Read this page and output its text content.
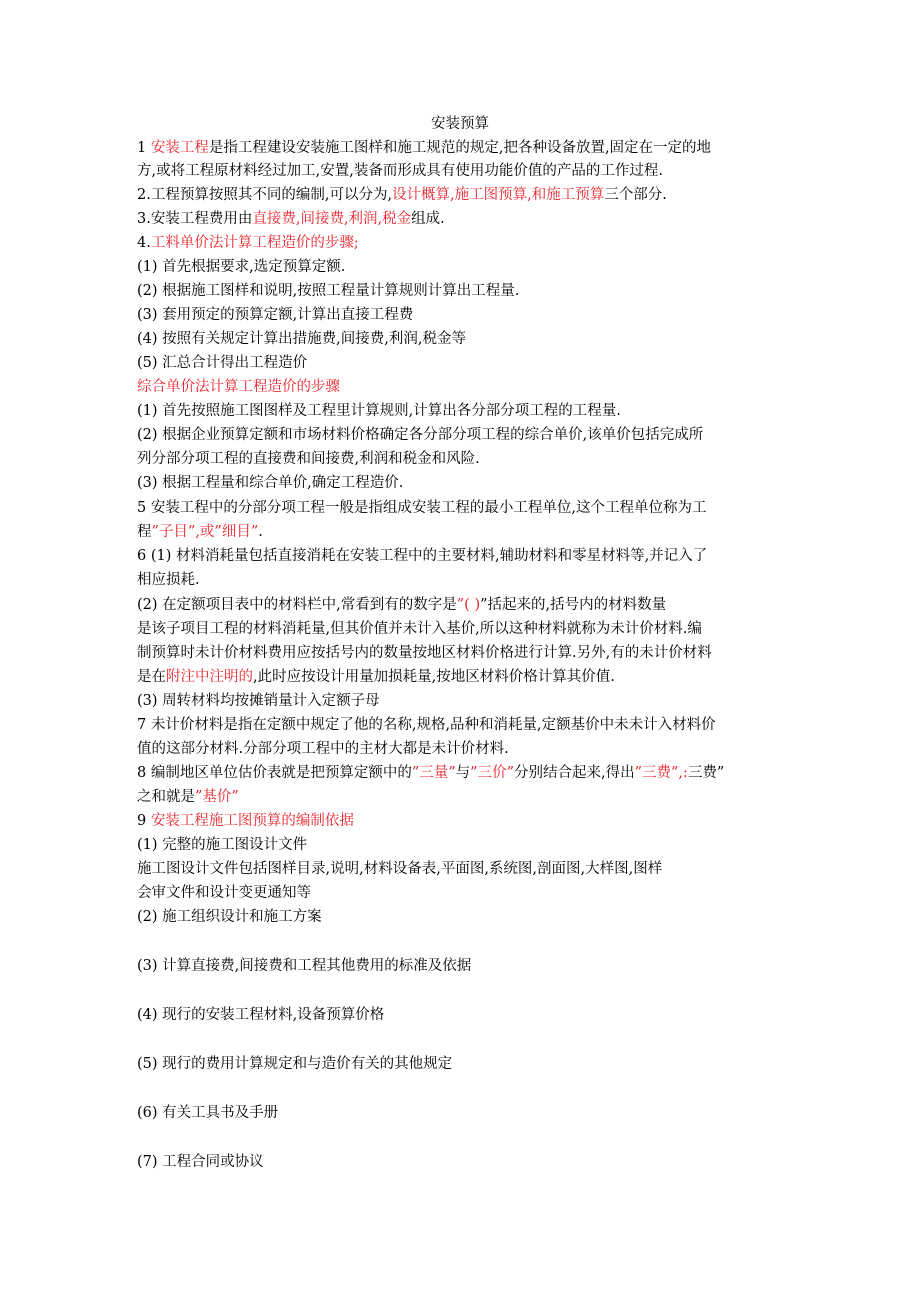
安装预算
1 安装工程是指工程建设安装施工图样和施工规范的规定,把各种设备放置,固定在一定的地
方,或将工程原材料经过加工,安置,装备而形成具有使用功能价值的产品的工作过程.
2.工程预算按照其不同的编制,可以分为,设计概算,施工图预算,和施工预算三个部分.
3.安装工程费用由直接费,间接费,利润,税金组成.
4.工料单价法计算工程造价的步骤;
(1) 首先根据要求,选定预算定额.
(2) 根据施工图样和说明,按照工程量计算规则计算出工程量.
(3) 套用预定的预算定额,计算出直接工程费
(4) 按照有关规定计算出措施费,间接费,利润,税金等
(5) 汇总合计得出工程造价
综合单价法计算工程造价的步骤
(1) 首先按照施工图图样及工程里计算规则,计算出各分部分项工程的工程量.
(2) 根据企业预算定额和市场材料价格确定各分部分项工程的综合单价,该单价包括完成所
列分部分项工程的直接费和间接费,利润和税金和风险.
(3) 根据工程量和综合单价,确定工程造价.
5 安装工程中的分部分项工程一般是指组成安装工程的最小工程单位,这个工程单位称为工
程”子目”,或”细目”.
6 (1) 材料消耗量包括直接消耗在安装工程中的主要材料,辅助材料和零星材料等,并记入了
相应损耗.
(2) 在定额项目表中的材料栏中,常看到有的数字是”( )”括起来的,括号内的材料数量
是该子项目工程的材料消耗量,但其价值并未计入基价,所以这种材料就称为未计价材料.编
制预算时未计价材料费用应按括号内的数量按地区材料价格进行计算.另外,有的未计价材料
是在附注中注明的,此时应按设计用量加损耗量,按地区材料价格计算其价值.
(3) 周转材料均按摊销量计入定额子母
7 未计价材料是指在定额中规定了他的名称,规格,品种和消耗量,定额基价中未未计入材料价
值的这部分材料.分部分项工程中的主材大都是未计价材料.
8 编制地区单位估价表就是把预算定额中的”三量”与”三价”分别结合起来,得出”三费”,:三费”
之和就是”基价”
9 安装工程施工图预算的编制依据
(1) 完整的施工图设计文件
施工图设计文件包括图样目录,说明,材料设备表,平面图,系统图,剖面图,大样图,图样
会审文件和设计变更通知等
(2) 施工组织设计和施工方案
(3) 计算直接费,间接费和工程其他费用的标准及依据
(4) 现行的安装工程材料,设备预算价格
(5) 现行的费用计算规定和与造价有关的其他规定
(6) 有关工具书及手册
(7) 工程合同或协议
